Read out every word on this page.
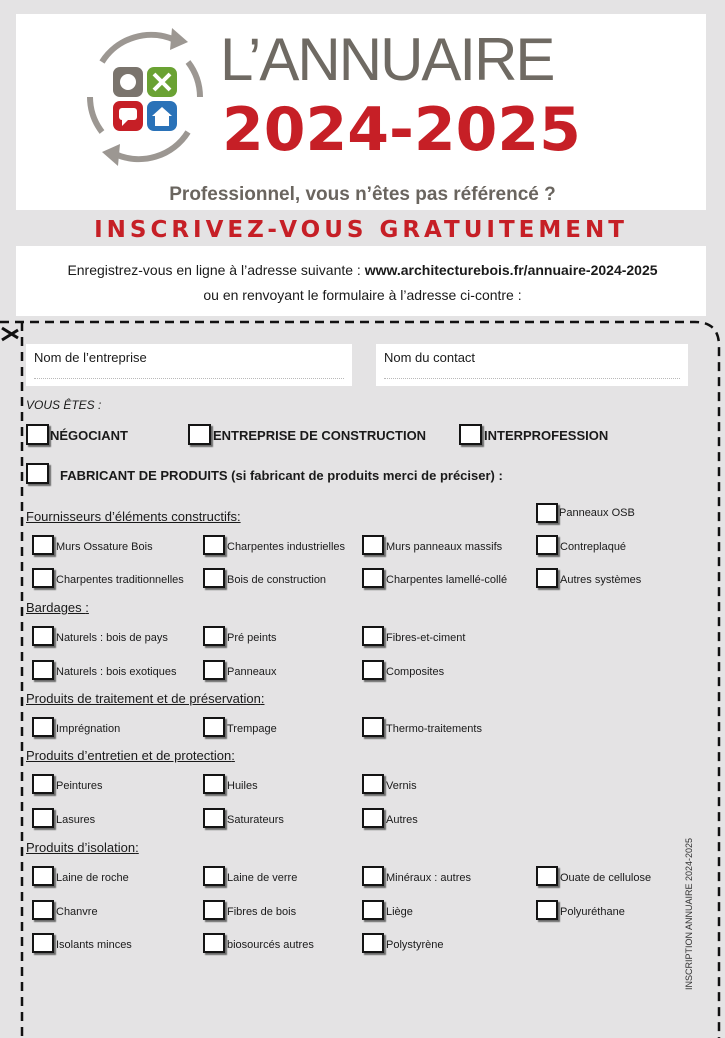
L’ANNUAIRE
2024-2025
Professionnel, vous n’êtes pas référencé ?
INSCRIVEZ-VOUS GRATUITEMENT
Enregistrez-vous en ligne à l’adresse suivante : www.architecturebois.fr/annuaire-2024-2025
ou en renvoyant le formulaire à l’adresse ci-contre :
Nom de l’entreprise	Nom du contact
VOUS ÊTES :
NÉGOCIANT	ENTREPRISE DE CONSTRUCTION	INTERPROFESSION
FABRICANT DE PRODUITS (si fabricant de produits merci de préciser) :
Fournisseurs d’éléments constructifs:	Panneaux OSB
Murs Ossature Bois	Charpentes industrielles	Murs panneaux massifs	Contreplaqué
Charpentes traditionnelles	Bois de construction	Charpentes lamellé-collé	Autres systèmes
Bardages :
Naturels : bois de pays	Pré peints	Fibres-et-ciment
Naturels : bois exotiques	Panneaux	Composites
Produits de traitement et de préservation:
Imprégnation	Trempage	Thermo-traitements
Produits d’entretien et de protection:
Peintures	Huiles	Vernis
Lasures	Saturateurs	Autres
Produits d’isolation:
Laine de roche	Laine de verre	Minéraux : autres	Ouate de cellulose
Chanvre	Fibres de bois	Liège	Polyuréthane
Isolants minces	biosourcés autres	Polystyrène	INSCRIPTION ANNUAIRE 2024-2025
